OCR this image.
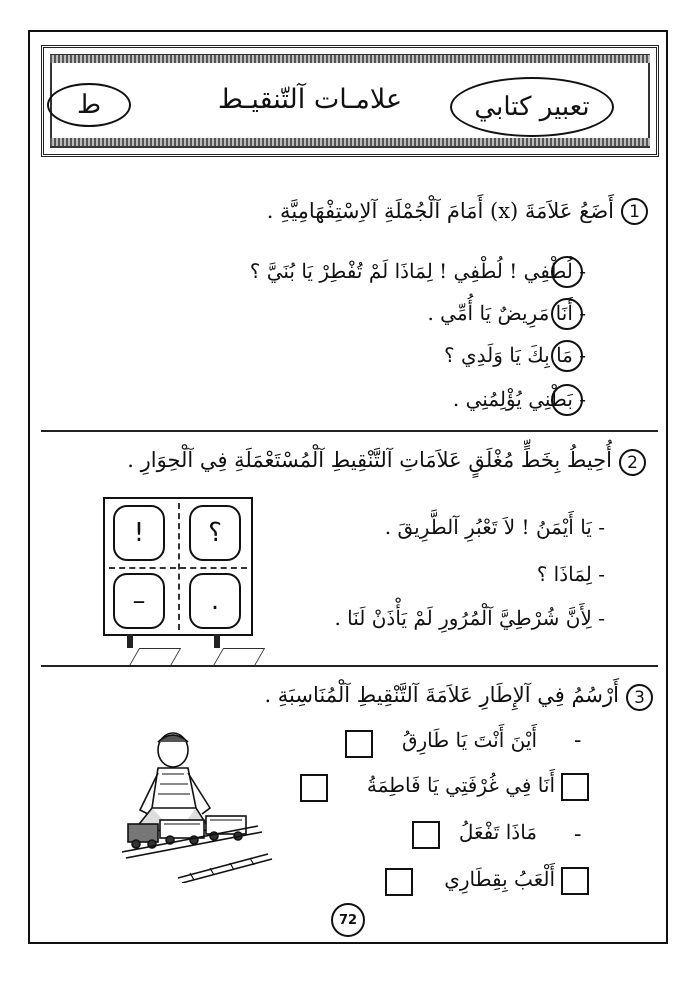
ط	علامـات آلتّنقيـط	تعبير كتابي
1
أَضَعُ عَلاَمَةَ (x) أَمَامَ آلْجُمْلَةِ آلاِسْتِفْهَامِيَّةِ .
- لُطْفِي ! لُطْفِي ! لِمَاذَا لَمْ تُفْطِرْ يَا بُنَيَّ ؟
- أَنَا مَرِيضٌ يَا أُمِّي .
- مَا بِكَ يَا وَلَدِي ؟
- بَطْنِي يُؤْلِمُنِي .
2
أُحِيطُ بِخَطٍّ مُغْلَقٍ عَلاَمَاتِ آلتَّنْقِيطِ آلْمُسْتَعْمَلَةِ فِي آلْحِوَارِ .
- يَا أَيْمَنُ ! لاَ تَعْبُرِ آلطَّرِيقَ .
- لِمَاذَا ؟
- لِأَنَّ شُرْطِيَّ آلْمُرُورِ لَمْ يَأْذَنْ لَنَا .
!	؟
–	.
3
أَرْسُمُ فِي آلإِطَارِ عَلاَمَةَ آلتَّنْقِيطِ آلْمُنَاسِبَةِ .
-
أَيْنَ أَنْتَ يَا طَارِقُ
أَنَا فِي غُرْفَتِي يَا فَاطِمَةُ
-
مَاذَا تَفْعَلُ
أَلْعَبُ بِقِطَارِي
72
